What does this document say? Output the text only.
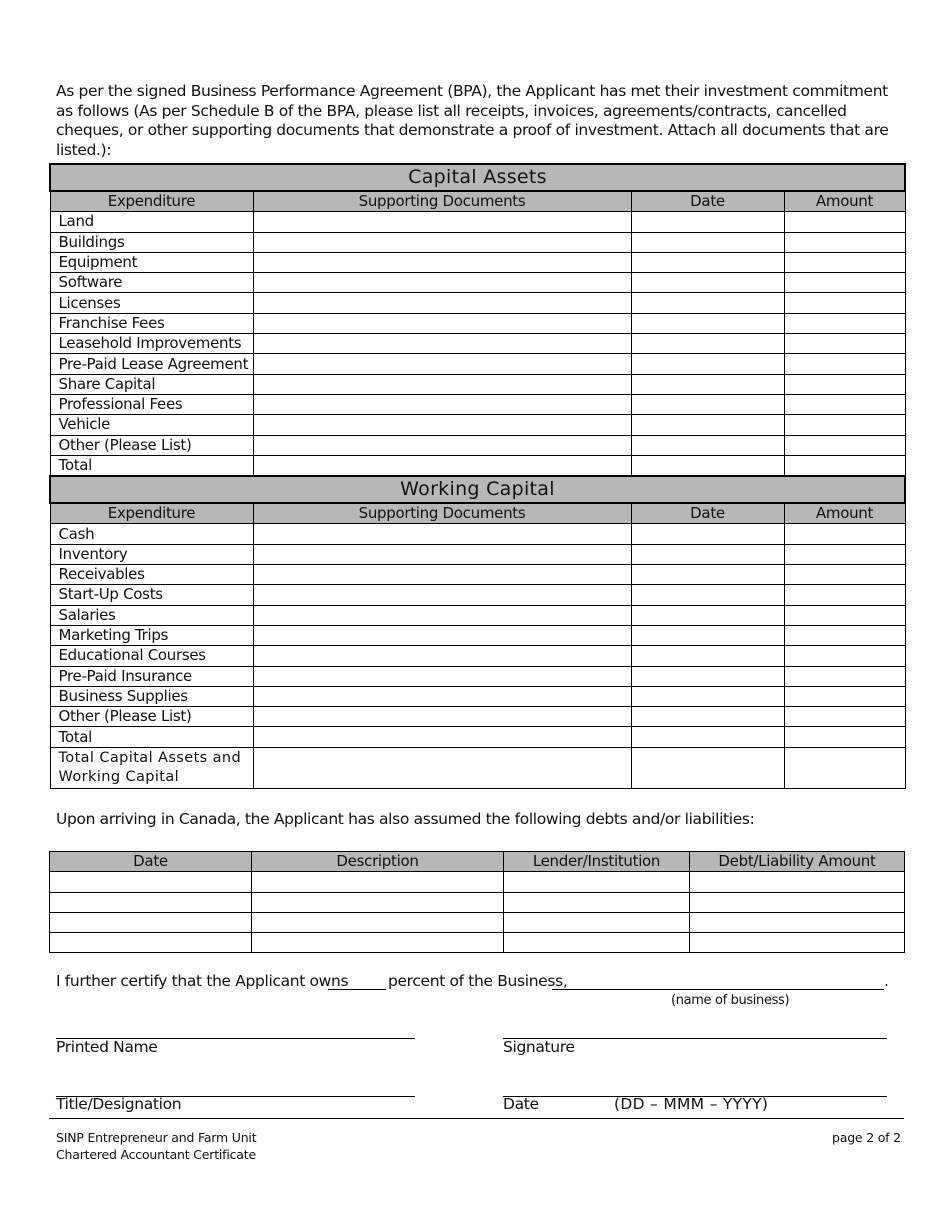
As per the signed Business Performance Agreement (BPA), the Applicant has met their investment commitment as follows (As per Schedule B of the BPA, please list all receipts, invoices, agreements/contracts, cancelled cheques, or other supporting documents that demonstrate a proof of investment. Attach all documents that are listed.):

Capital Assets			
Expenditure	Supporting Documents	Date	Amount
Land			
Buildings			
Equipment			
Software			
Licenses			
Franchise Fees			
Leasehold Improvements			
Pre-Paid Lease Agreement			
Share Capital			
Professional Fees			
Vehicle			
Other (Please List)			
Total			
Working Capital			
Expenditure	Supporting Documents	Date	Amount
Cash			
Inventory			
Receivables			
Start-Up Costs			
Salaries			
Marketing Trips			
Educational Courses			
Pre-Paid Insurance			
Business Supplies			
Other (Please List)			
Total			
Total Capital Assets and Working Capital			

Upon arriving in Canada, the Applicant has also assumed the following debts and/or liabilities:

Date	Description	Lender/Institution	Debt/Liability Amount

I further certify that the Applicant owns	percent of the Business,	.
(name of business)
Printed Name	Signature
Title/Designation	Date	(DD – MMM – YYYY)

SINP Entrepreneur and Farm Unit
Chartered Accountant Certificate

page 2 of 2
